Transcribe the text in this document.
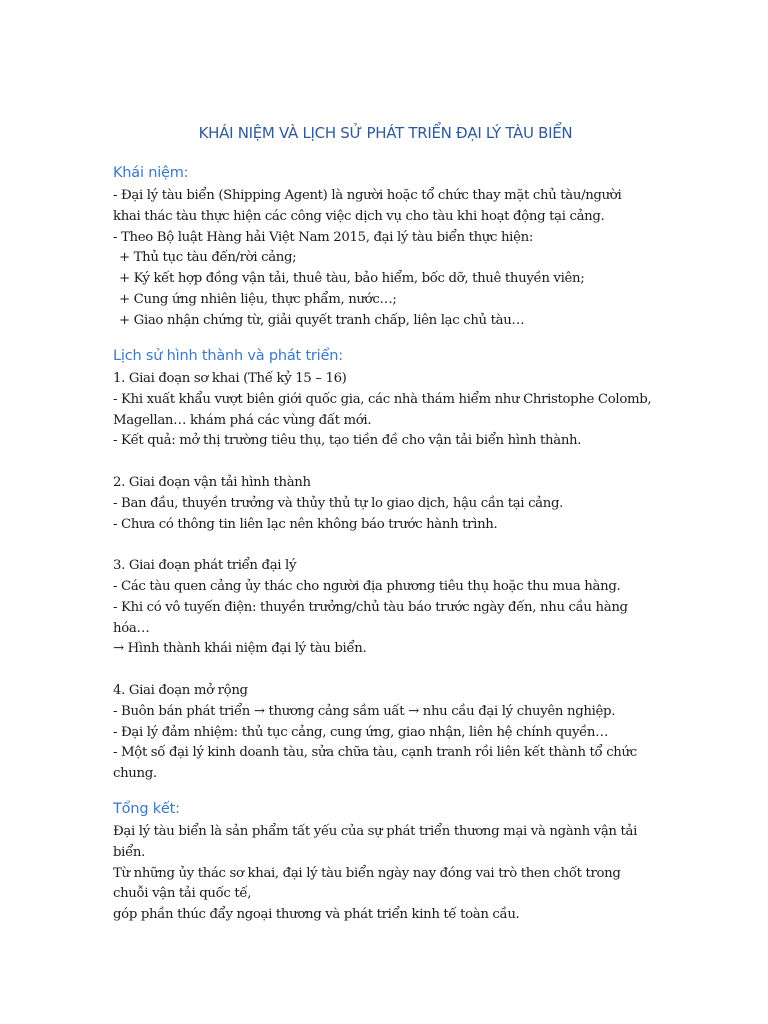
KHÁI NIỆM VÀ LỊCH SỬ PHÁT TRIỂN ĐẠI LÝ TÀU BIỂN
Khái niệm:
- Đại lý tàu biển (Shipping Agent) là người hoặc tổ chức thay mặt chủ tàu/người
khai thác tàu thực hiện các công việc dịch vụ cho tàu khi hoạt động tại cảng.
- Theo Bộ luật Hàng hải Việt Nam 2015, đại lý tàu biển thực hiện:
+ Thủ tục tàu đến/rời cảng;
+ Ký kết hợp đồng vận tải, thuê tàu, bảo hiểm, bốc dỡ, thuê thuyền viên;
+ Cung ứng nhiên liệu, thực phẩm, nước…;
+ Giao nhận chứng từ, giải quyết tranh chấp, liên lạc chủ tàu…
Lịch sử hình thành và phát triển:
1. Giai đoạn sơ khai (Thế kỷ 15 – 16)
- Khi xuất khẩu vượt biên giới quốc gia, các nhà thám hiểm như Christophe Colomb,
Magellan… khám phá các vùng đất mới.
- Kết quả: mở thị trường tiêu thụ, tạo tiền đề cho vận tải biển hình thành.
2. Giai đoạn vận tải hình thành
- Ban đầu, thuyền trưởng và thủy thủ tự lo giao dịch, hậu cần tại cảng.
- Chưa có thông tin liên lạc nên không báo trước hành trình.
3. Giai đoạn phát triển đại lý
- Các tàu quen cảng ủy thác cho người địa phương tiêu thụ hoặc thu mua hàng.
- Khi có vô tuyến điện: thuyền trưởng/chủ tàu báo trước ngày đến, nhu cầu hàng
hóa…
→ Hình thành khái niệm đại lý tàu biển.
4. Giai đoạn mở rộng
- Buôn bán phát triển → thương cảng sầm uất → nhu cầu đại lý chuyên nghiệp.
- Đại lý đảm nhiệm: thủ tục cảng, cung ứng, giao nhận, liên hệ chính quyền…
- Một số đại lý kinh doanh tàu, sửa chữa tàu, cạnh tranh rồi liên kết thành tổ chức
chung.
Tổng kết:
Đại lý tàu biển là sản phẩm tất yếu của sự phát triển thương mại và ngành vận tải
biển.
Từ những ủy thác sơ khai, đại lý tàu biển ngày nay đóng vai trò then chốt trong
chuỗi vận tải quốc tế,
góp phần thúc đẩy ngoại thương và phát triển kinh tế toàn cầu.
